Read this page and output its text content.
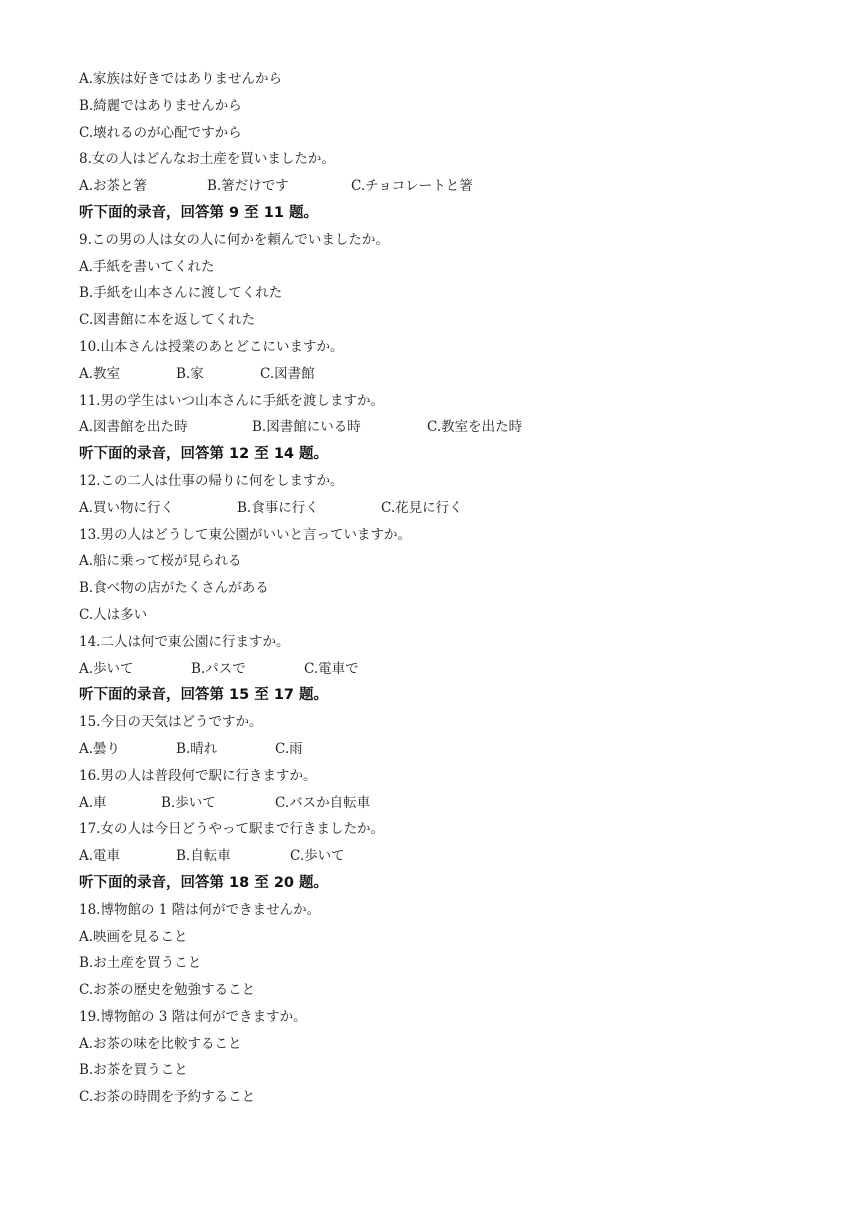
A.家族は好きではありませんから
B.綺麗ではありませんから
C.壊れるのが心配ですから
8.女の人はどんなお土産を買いましたか。
A.お茶と箸	B.箸だけです	C.チョコレートと箸
听下面的录音，回答第 9 至 11 题。
9.この男の人は女の人に何かを頼んでいましたか。
A.手紙を書いてくれた
B.手紙を山本さんに渡してくれた
C.図書館に本を返してくれた
10.山本さんは授業のあとどこにいますか。
A.教室	B.家	C.図書館
11.男の学生はいつ山本さんに手紙を渡しますか。
A.図書館を出た時	B.図書館にいる時	C.教室を出た時
听下面的录音，回答第 12 至 14 题。
12.この二人は仕事の帰りに何をしますか。
A.買い物に行く	B.食事に行く	C.花見に行く
13.男の人はどうして東公園がいいと言っていますか。
A.船に乗って桜が見られる
B.食べ物の店がたくさんがある
C.人は多い
14.二人は何で東公園に行ますか。
A.歩いて	B.パスで	C.電車で
听下面的录音，回答第 15 至 17 题。
15.今日の天気はどうですか。
A.曇り	B.晴れ	C.雨
16.男の人は普段何で駅に行きますか。
A.車	B.歩いて	C.バスか自転車
17.女の人は今日どうやって駅まで行きましたか。
A.電車	B.自転車	C.歩いて
听下面的录音，回答第 18 至 20 题。
18.博物館の 1 階は何ができませんか。
A.映画を見ること
B.お土産を買うこと
C.お茶の歴史を勉強すること
19.博物館の 3 階は何ができますか。
A.お茶の味を比較すること
B.お茶を買うこと
C.お茶の時間を予約すること
